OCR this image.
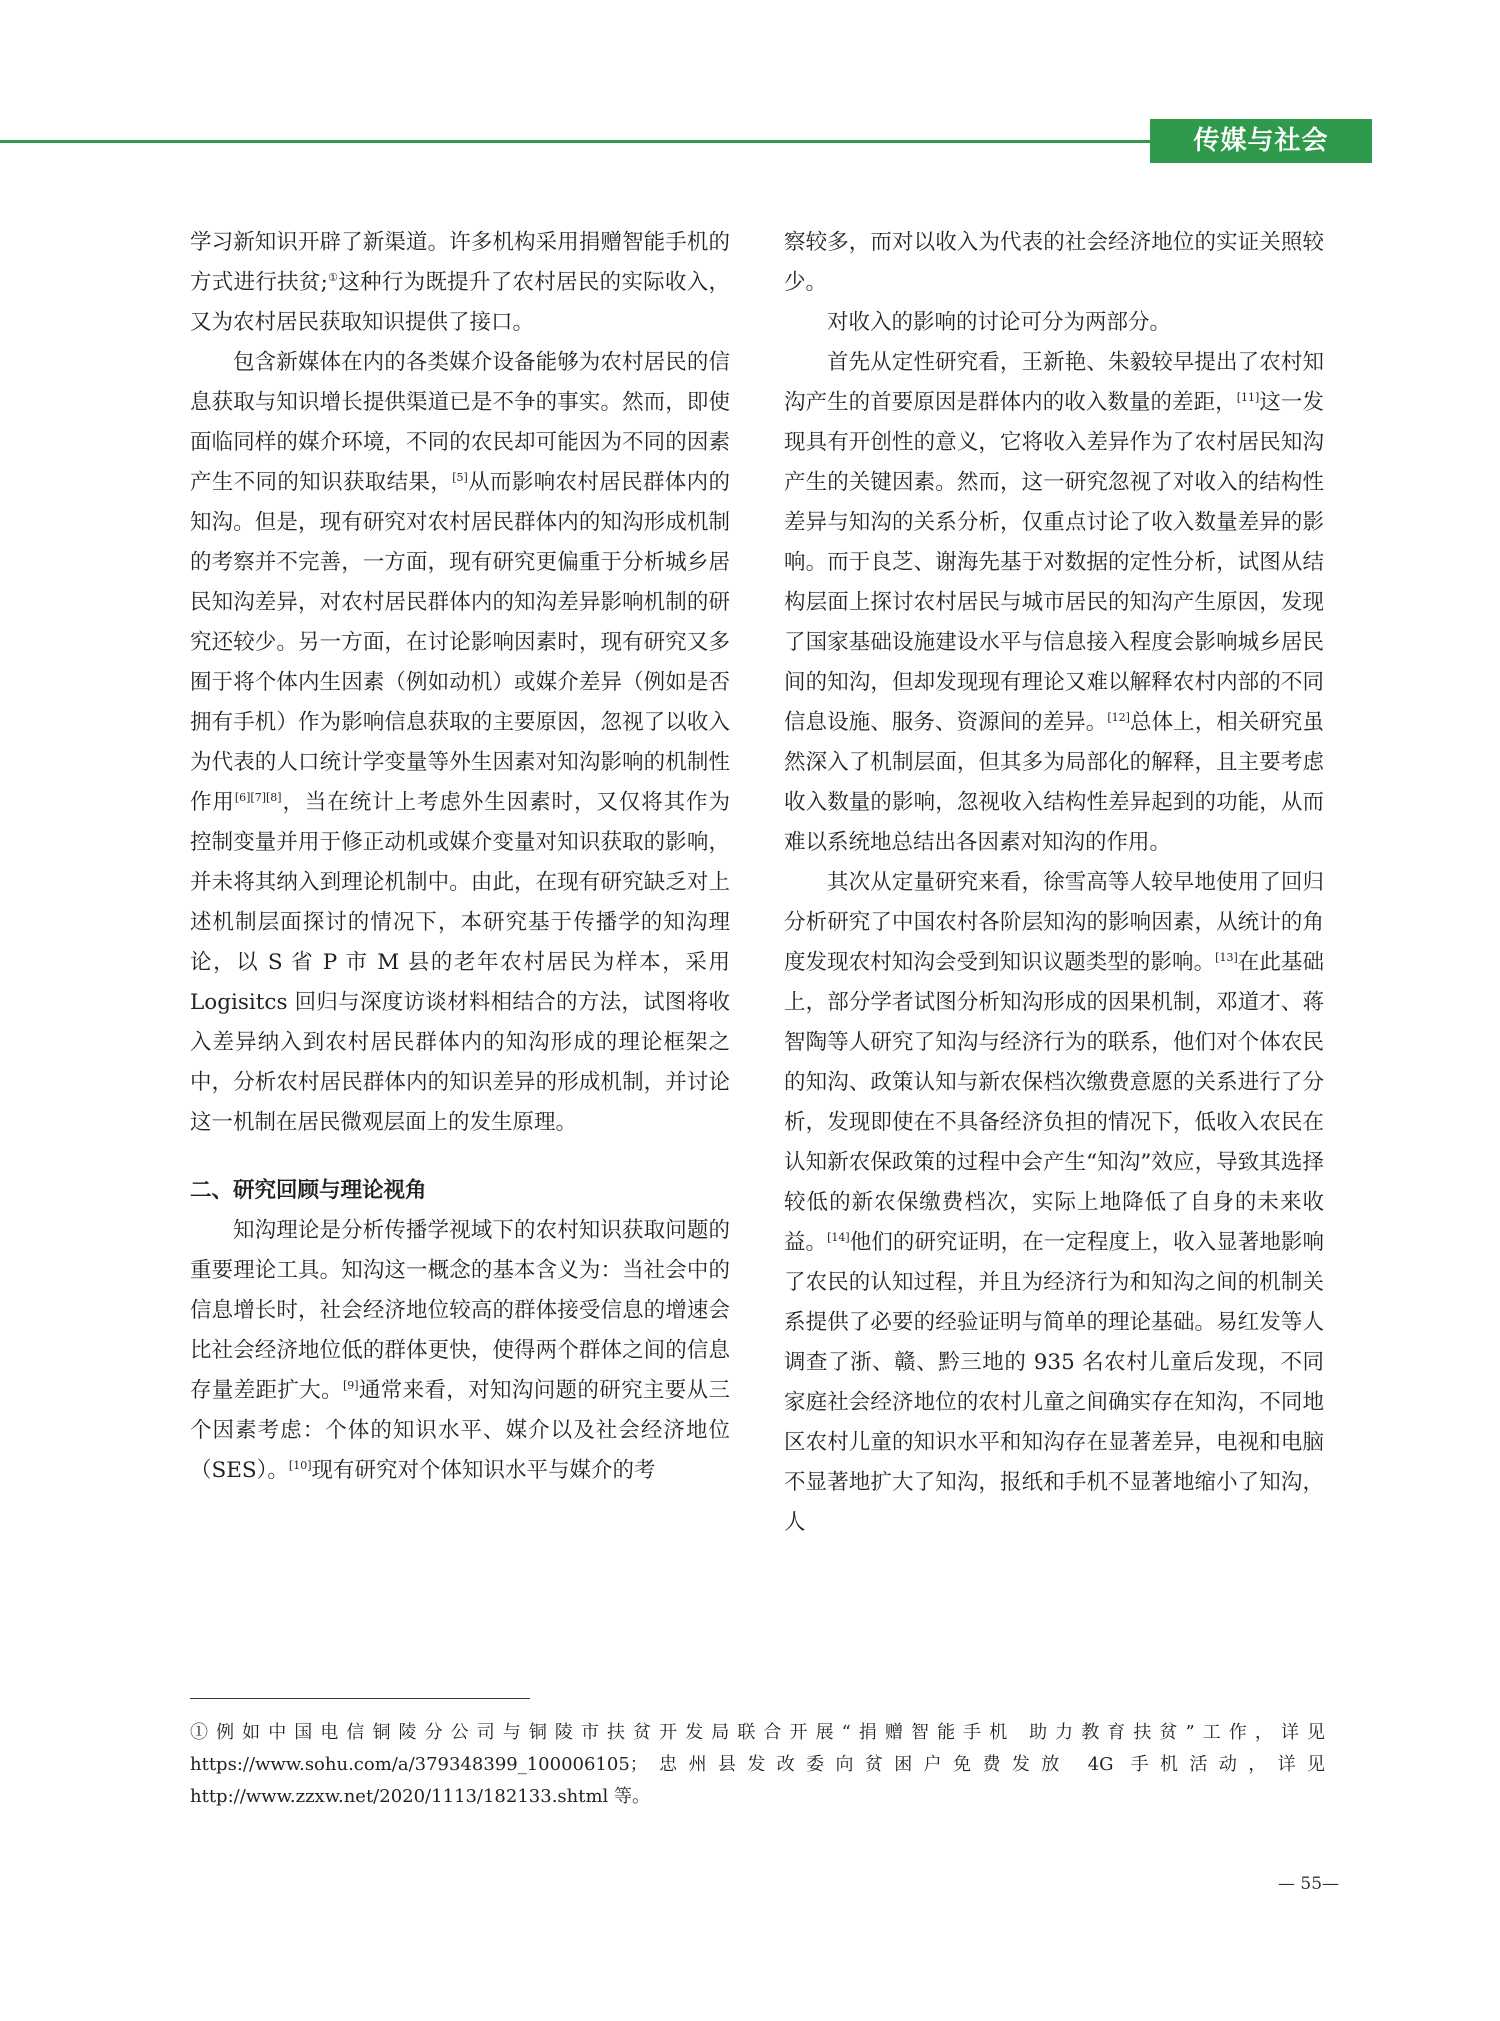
传媒与社会

学习新知识开辟了新渠道。许多机构采用捐赠智能手机的方式进行扶贫;①这种行为既提升了农村居民的实际收入，又为农村居民获取知识提供了接口。

包含新媒体在内的各类媒介设备能够为农村居民的信息获取与知识增长提供渠道已是不争的事实。然而，即使面临同样的媒介环境，不同的农民却可能因为不同的因素产生不同的知识获取结果，[5]从而影响农村居民群体内的知沟。但是，现有研究对农村居民群体内的知沟形成机制的考察并不完善，一方面，现有研究更偏重于分析城乡居民知沟差异，对农村居民群体内的知沟差异影响机制的研究还较少。另一方面，在讨论影响因素时，现有研究又多囿于将个体内生因素（例如动机）或媒介差异（例如是否拥有手机）作为影响信息获取的主要原因，忽视了以收入为代表的人口统计学变量等外生因素对知沟影响的机制性作用[6][7][8]，当在统计上考虑外生因素时，又仅将其作为控制变量并用于修正动机或媒介变量对知识获取的影响，并未将其纳入到理论机制中。由此，在现有研究缺乏对上述机制层面探讨的情况下，本研究基于传播学的知沟理论，以 S 省 P 市 M 县的老年农村居民为样本，采用 Logisitcs 回归与深度访谈材料相结合的方法，试图将收入差异纳入到农村居民群体内的知沟形成的理论框架之中，分析农村居民群体内的知识差异的形成机制，并讨论这一机制在居民微观层面上的发生原理。

二、研究回顾与理论视角

知沟理论是分析传播学视域下的农村知识获取问题的重要理论工具。知沟这一概念的基本含义为：当社会中的信息增长时，社会经济地位较高的群体接受信息的增速会比社会经济地位低的群体更快，使得两个群体之间的信息存量差距扩大。[9]通常来看，对知沟问题的研究主要从三个因素考虑：个体的知识水平、媒介以及社会经济地位（SES）。[10]现有研究对个体知识水平与媒介的考

察较多，而对以收入为代表的社会经济地位的实证关照较少。

对收入的影响的讨论可分为两部分。

首先从定性研究看，王新艳、朱毅较早提出了农村知沟产生的首要原因是群体内的收入数量的差距，[11]这一发现具有开创性的意义，它将收入差异作为了农村居民知沟产生的关键因素。然而，这一研究忽视了对收入的结构性差异与知沟的关系分析，仅重点讨论了收入数量差异的影响。而于良芝、谢海先基于对数据的定性分析，试图从结构层面上探讨农村居民与城市居民的知沟产生原因，发现了国家基础设施建设水平与信息接入程度会影响城乡居民间的知沟，但却发现现有理论又难以解释农村内部的不同信息设施、服务、资源间的差异。[12]总体上，相关研究虽然深入了机制层面，但其多为局部化的解释，且主要考虑收入数量的影响，忽视收入结构性差异起到的功能，从而难以系统地总结出各因素对知沟的作用。

其次从定量研究来看，徐雪高等人较早地使用了回归分析研究了中国农村各阶层知沟的影响因素，从统计的角度发现农村知沟会受到知识议题类型的影响。[13]在此基础上，部分学者试图分析知沟形成的因果机制，邓道才、蒋智陶等人研究了知沟与经济行为的联系，他们对个体农民的知沟、政策认知与新农保档次缴费意愿的关系进行了分析，发现即使在不具备经济负担的情况下，低收入农民在认知新农保政策的过程中会产生“知沟”效应，导致其选择较低的新农保缴费档次，实际上地降低了自身的未来收益。[14]他们的研究证明，在一定程度上，收入显著地影响了农民的认知过程，并且为经济行为和知沟之间的机制关系提供了必要的经验证明与简单的理论基础。易红发等人调查了浙、赣、黔三地的 935 名农村儿童后发现，不同家庭社会经济地位的农村儿童之间确实存在知沟，不同地区农村儿童的知识水平和知沟存在显著差异，电视和电脑不显著地扩大了知沟，报纸和手机不显著地缩小了知沟，人

①例如中国电信铜陵分公司与铜陵市扶贫开发局联合开展“捐赠智能手机 助力教育扶贫”工作，详见 https://www.sohu.com/a/379348399_100006105；忠州县发改委向贫困户免费发放 4G 手机活动，详见 http://www.zzxw.net/2020/1113/182133.shtml 等。

— 55—
